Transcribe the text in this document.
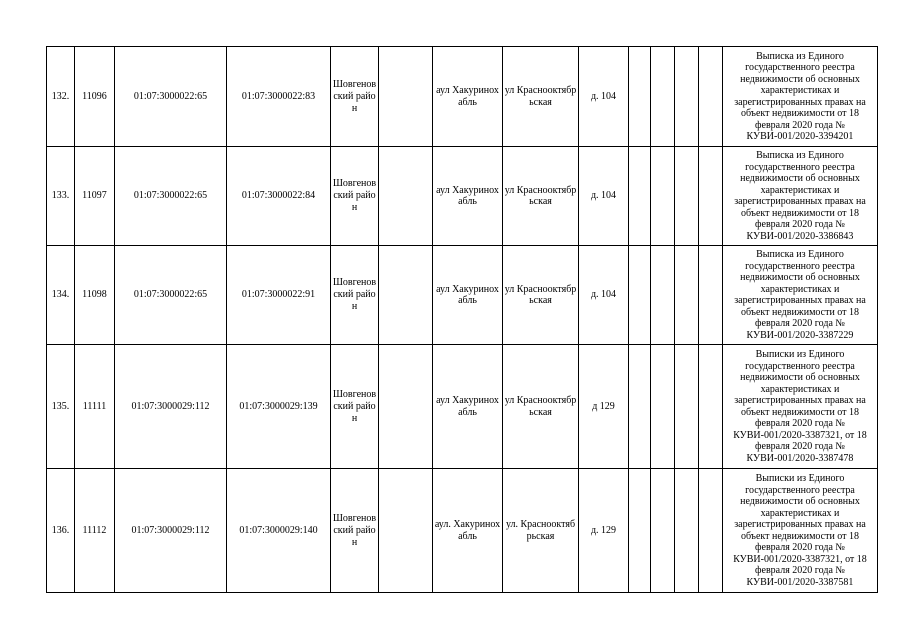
132.	11096	01:07:3000022:65	01:07:3000022:83	Шовгеновский район		аул Хакуринохабль	ул Краснооктябрьская	д. 104					Выписка из Единого государственного реестра недвижимости об основных характеристиках и зарегистрированных правах на объект недвижимости от 18 февраля 2020 года № КУВИ-001/2020-3394201
133.	11097	01:07:3000022:65	01:07:3000022:84	Шовгеновский район		аул Хакуринохабль	ул Краснооктябрьская	д. 104					Выписка из Единого государственного реестра недвижимости об основных характеристиках и зарегистрированных правах на объект недвижимости от 18 февраля 2020 года № КУВИ-001/2020-3386843
134.	11098	01:07:3000022:65	01:07:3000022:91	Шовгеновский район		аул Хакуринохабль	ул Краснооктябрьская	д. 104					Выписка из Единого государственного реестра недвижимости об основных характеристиках и зарегистрированных правах на объект недвижимости от 18 февраля 2020 года № КУВИ-001/2020-3387229
135.	11111	01:07:3000029:112	01:07:3000029:139	Шовгеновский район		аул Хакуринохабль	ул Краснооктябрьская	д 129					Выписки из Единого государственного реестра недвижимости об основных характеристиках и зарегистрированных правах на объект недвижимости от 18 февраля 2020 года № КУВИ-001/2020-3387321, от 18 февраля 2020 года № КУВИ-001/2020-3387478
136.	11112	01:07:3000029:112	01:07:3000029:140	Шовгеновский район		аул. Хакуринохабль	ул. Краснооктябрьская	д. 129					Выписки из Единого государственного реестра недвижимости об основных характеристиках и зарегистрированных правах на объект недвижимости от 18 февраля 2020 года № КУВИ-001/2020-3387321, от 18 февраля 2020 года № КУВИ-001/2020-3387581
